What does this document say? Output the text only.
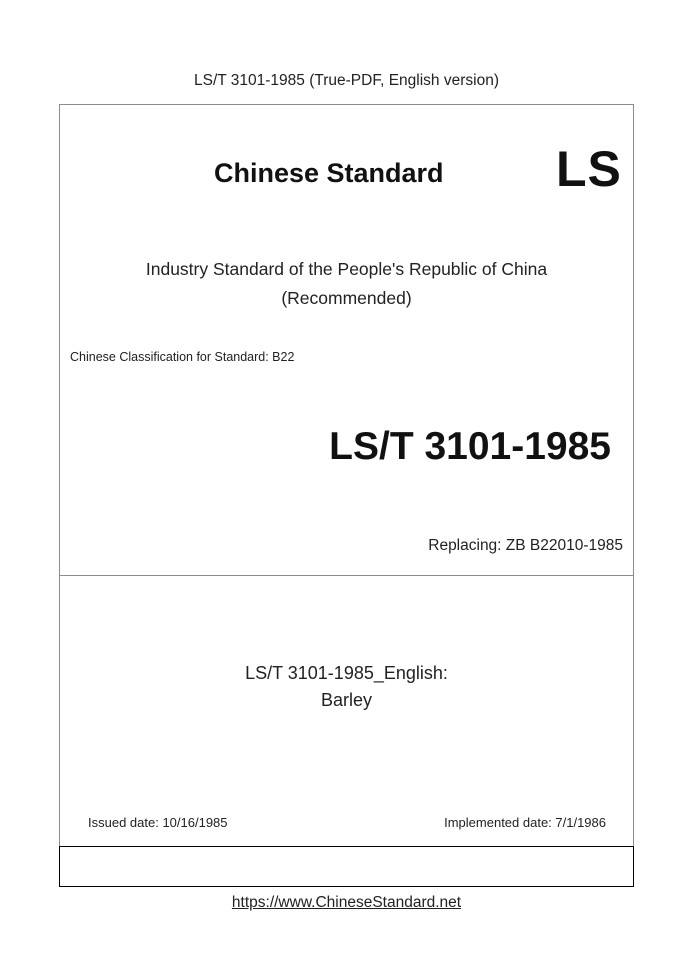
LS/T 3101-1985 (True-PDF, English version)
Chinese Standard LS
Industry Standard of the People's Republic of China
(Recommended)
Chinese Classification for Standard: B22
LS/T 3101-1985
Replacing: ZB B22010-1985
LS/T 3101-1985_English:
Barley
Issued date: 10/16/1985	Implemented date: 7/1/1986
https://www.ChineseStandard.net
